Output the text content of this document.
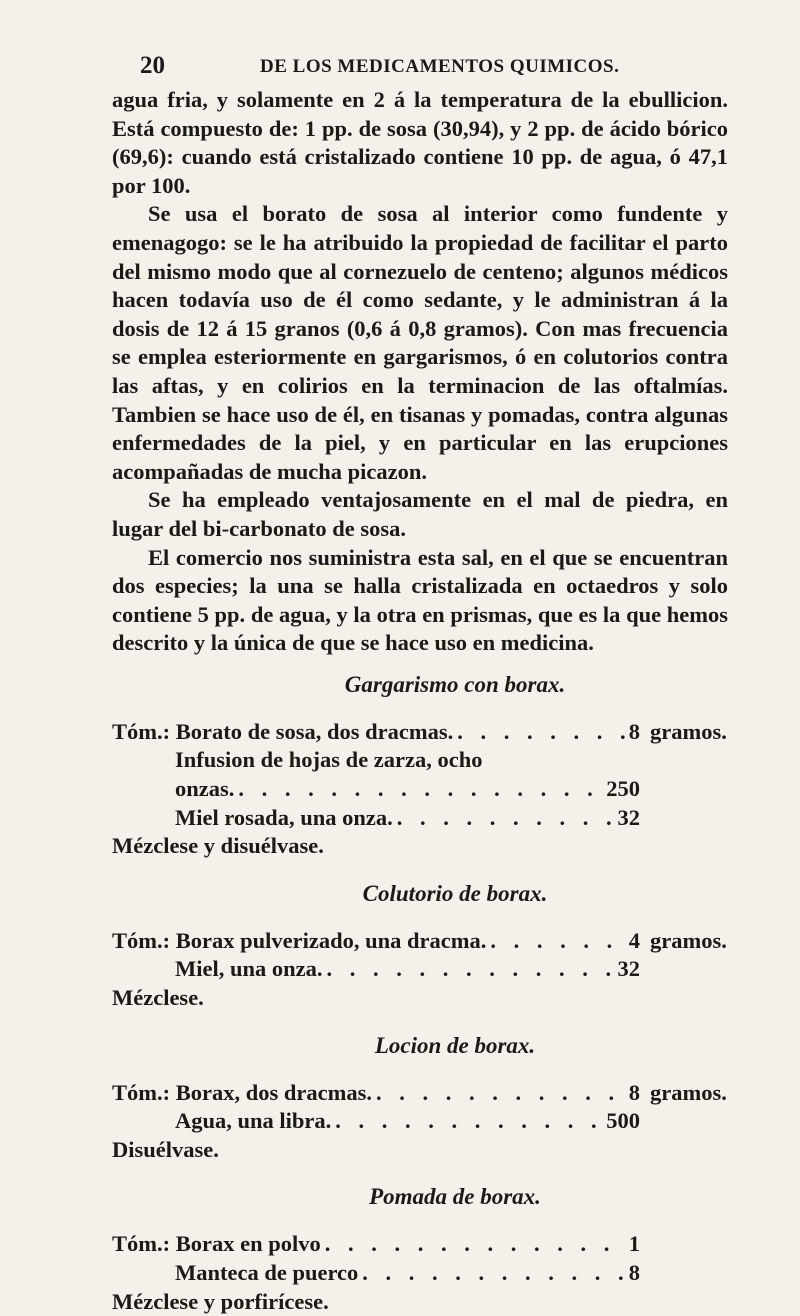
20	DE LOS MEDICAMENTOS QUIMICOS.

agua fria, y solamente en 2 á la temperatura de la ebullicion. Está compuesto de: 1 pp. de sosa (30,94), y 2 pp. de ácido bórico (69,6): cuando está cristalizado contiene 10 pp. de agua, ó 47,1 por 100.

Se usa el borato de sosa al interior como fundente y emenagogo: se le ha atribuido la propiedad de facilitar el parto del mismo modo que al cornezuelo de centeno; algunos médicos hacen todavía uso de él como sedante, y le administran á la dosis de 12 á 15 granos (0,6 á 0,8 gramos). Con mas frecuencia se emplea esteriormente en gargarismos, ó en colutorios contra las aftas, y en colirios en la terminacion de las oftalmías. Tambien se hace uso de él, en tisanas y pomadas, contra algunas enfermedades de la piel, y en particular en las erupciones acompañadas de mucha picazon.

Se ha empleado ventajosamente en el mal de piedra, en lugar del bi-carbonato de sosa.

El comercio nos suministra esta sal, en el que se encuentran dos especies; la una se halla cristalizada en octaedros y solo contiene 5 pp. de agua, y la otra en prismas, que es la que hemos descrito y la única de que se hace uso en medicina.

Gargarismo con borax.
Tóm.: Borato de sosa, dos dracmas. . . .	8 gramos.
Infusion de hojas de zarza, ocho
onzas. . . .	250
Miel rosada, una onza. . . .	32
Mézclese y disuélvase.
Colutorio de borax.
Tóm.: Borax pulverizado, una dracma. . . .	4 gramos.
Miel, una onza. . . .	32
Mézclese.
Locion de borax.
Tóm.: Borax, dos dracmas. . . .	8 gramos.
Agua, una libra. . . .	500
Disuélvase.
Pomada de borax.
Tóm.: Borax en polvo . . .	1
Manteca de puerco . . .	8
Mézclese y porfirícese.
